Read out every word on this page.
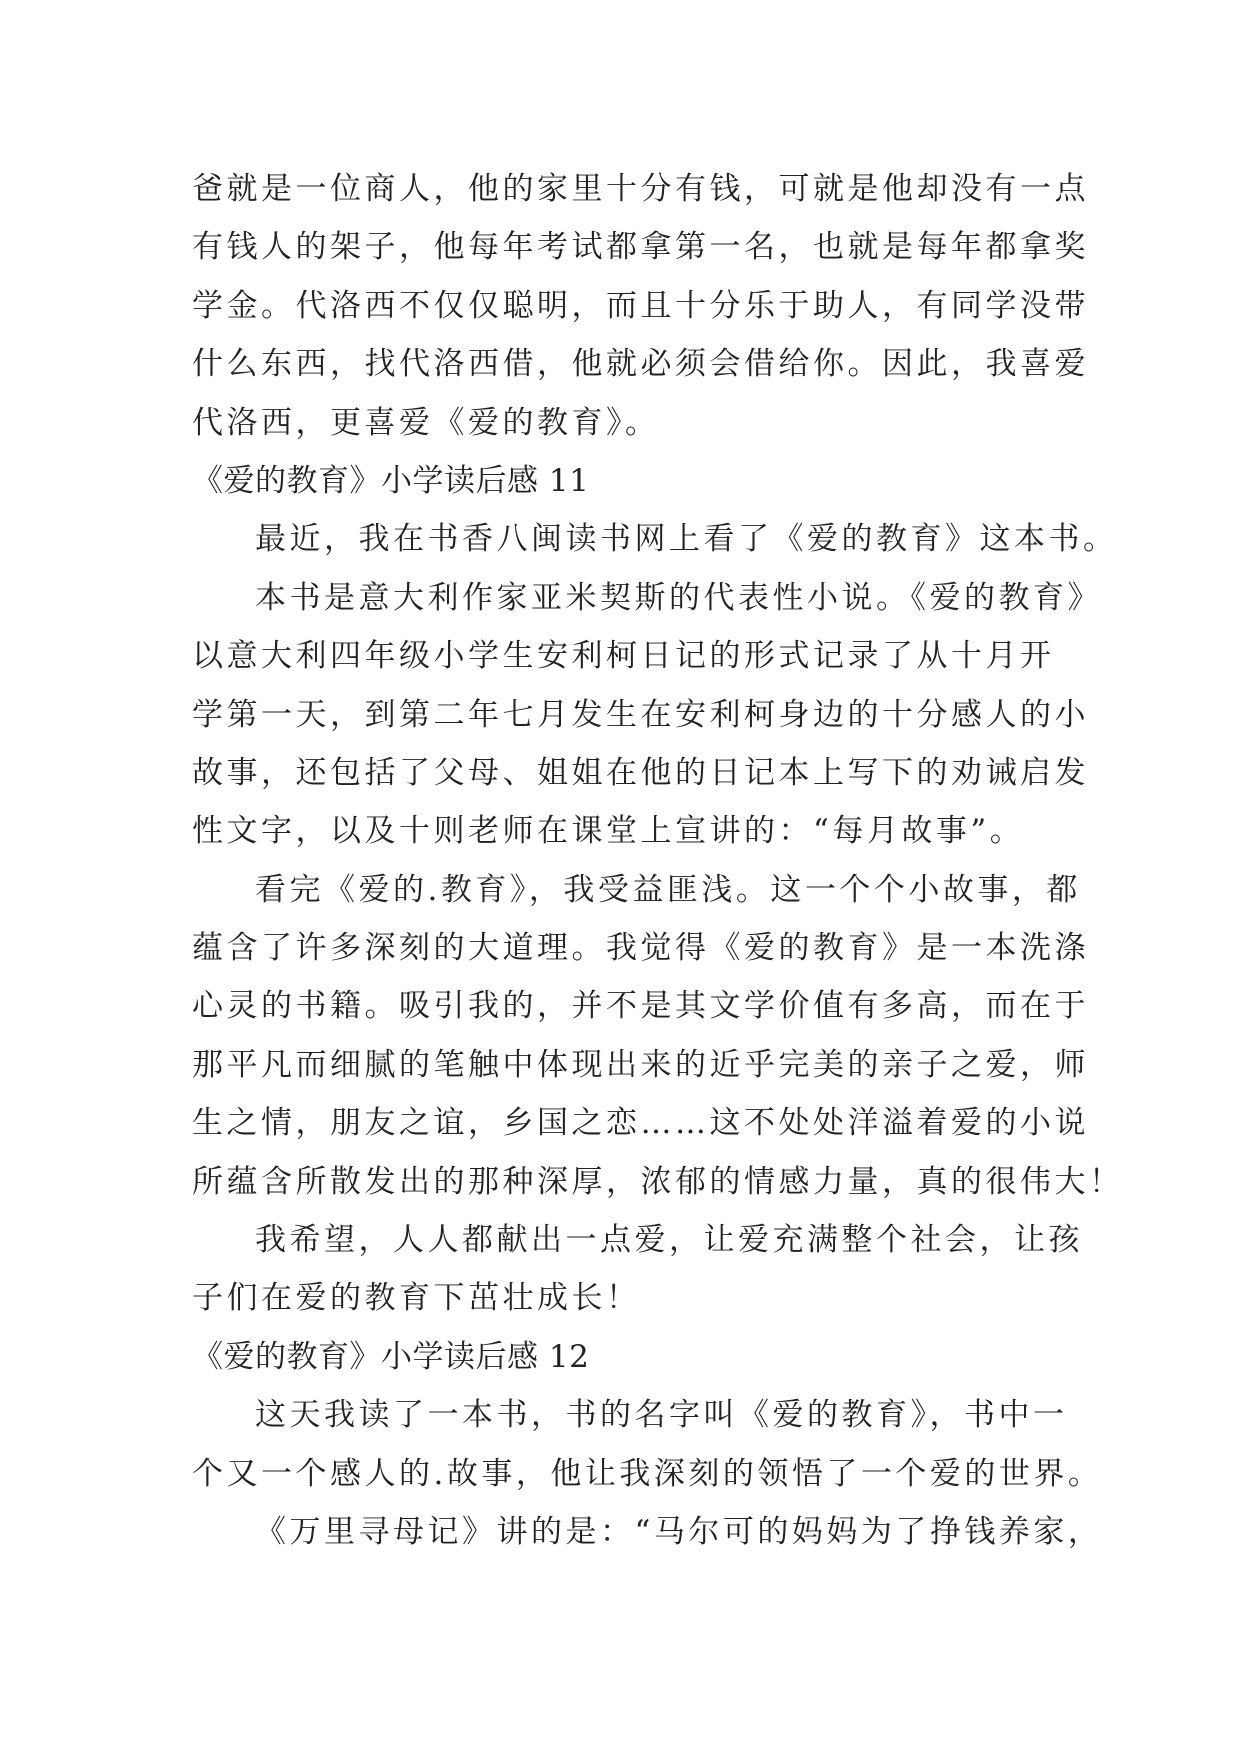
爸就是一位商人，他的家里十分有钱，可就是他却没有一点
有钱人的架子，他每年考试都拿第一名，也就是每年都拿奖
学金。代洛西不仅仅聪明，而且十分乐于助人，有同学没带
什么东西，找代洛西借，他就必须会借给你。因此，我喜爱
代洛西，更喜爱《爱的教育》。
《爱的教育》小学读后感 11
最近，我在书香八闽读书网上看了《爱的教育》这本书。
本书是意大利作家亚米契斯的代表性小说。《爱的教育》
以意大利四年级小学生安利柯日记的形式记录了从十月开
学第一天，到第二年七月发生在安利柯身边的十分感人的小
故事，还包括了父母、姐姐在他的日记本上写下的劝诫启发
性文字，以及十则老师在课堂上宣讲的：“每月故事”。
看完《爱的.教育》，我受益匪浅。这一个个小故事，都
蕴含了许多深刻的大道理。我觉得《爱的教育》是一本洗涤
心灵的书籍。吸引我的，并不是其文学价值有多高，而在于
那平凡而细腻的笔触中体现出来的近乎完美的亲子之爱，师
生之情，朋友之谊，乡国之恋……这不处处洋溢着爱的小说
所蕴含所散发出的那种深厚，浓郁的情感力量，真的很伟大！
我希望，人人都献出一点爱，让爱充满整个社会，让孩
子们在爱的教育下茁壮成长！
《爱的教育》小学读后感 12
这天我读了一本书，书的名字叫《爱的教育》，书中一
个又一个感人的.故事，他让我深刻的领悟了一个爱的世界。
《万里寻母记》讲的是：“马尔可的妈妈为了挣钱养家，
